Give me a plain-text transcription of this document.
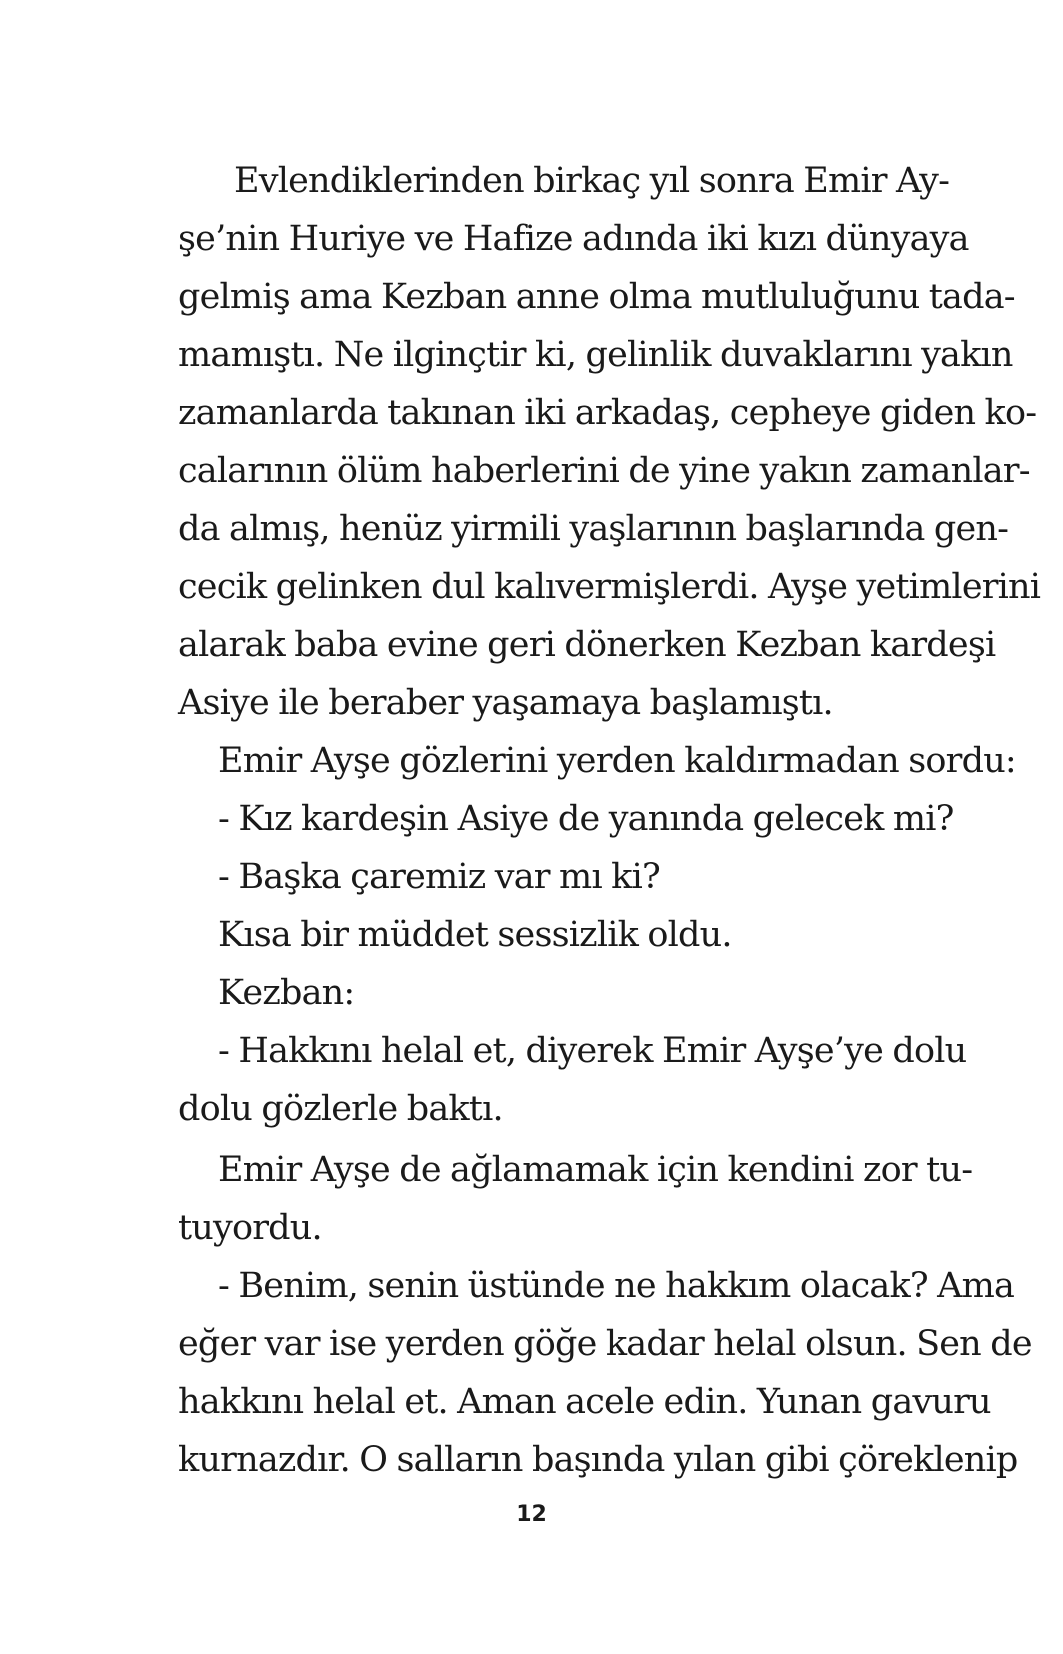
Evlendiklerinden birkaç yıl sonra Emir Ay-
şe’nin Huriye ve Hafize adında iki kızı dünyaya
gelmiş ama Kezban anne olma mutluluğunu tada-
mamıştı. Ne ilginçtir ki, gelinlik duvaklarını yakın
zamanlarda takınan iki arkadaş, cepheye giden ko-
calarının ölüm haberlerini de yine yakın zamanlar-
da almış, henüz yirmili yaşlarının başlarında gen-
cecik gelinken dul kalıvermişlerdi. Ayşe yetimlerini
alarak baba evine geri dönerken Kezban kardeşi
Asiye ile beraber yaşamaya başlamıştı.
Emir Ayşe gözlerini yerden kaldırmadan sordu:
- Kız kardeşin Asiye de yanında gelecek mi?
- Başka çaremiz var mı ki?
Kısa bir müddet sessizlik oldu.
Kezban:
- Hakkını helal et, diyerek Emir Ayşe’ye dolu
dolu gözlerle baktı.
Emir Ayşe de ağlamamak için kendini zor tu-
tuyordu.
- Benim, senin üstünde ne hakkım olacak? Ama
eğer var ise yerden göğe kadar helal olsun. Sen de
hakkını helal et. Aman acele edin. Yunan gavuru
kurnazdır. O salların başında yılan gibi çöreklenip
12
